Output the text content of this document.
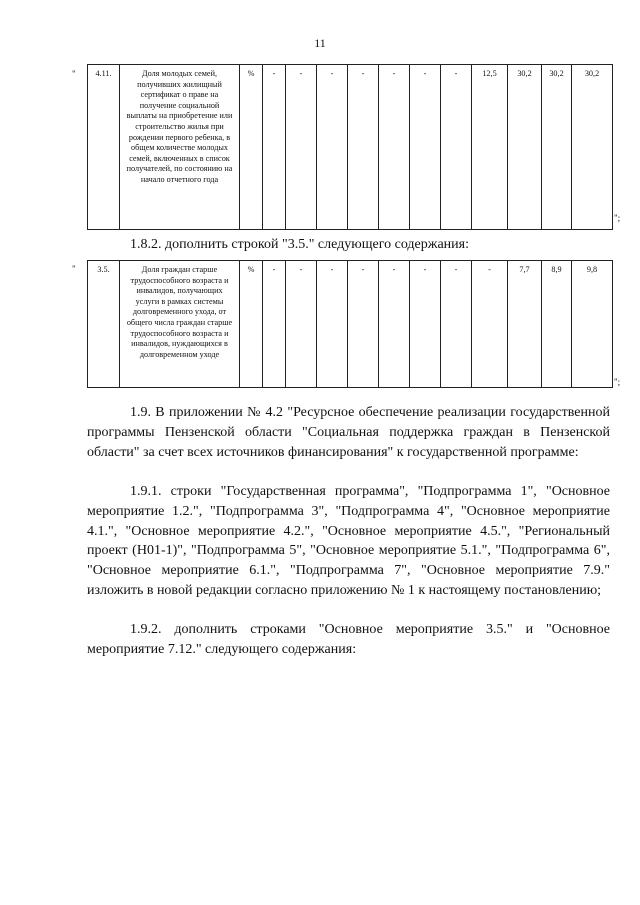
11
" 4.11.	Доля молодых семей, получивших жилищный сертификат о праве на получение социальной выплаты на приобретение или строительство жилья при рождении первого ребенка, в общем количестве молодых семей, включенных в список получателей, по состоянию на начало отчетного года	%	-	-	-	-	-	-	-	12,5	30,2	30,2	30,2
";

1.8.2. дополнить строкой "3.5." следующего содержания:

"	3.5.	Доля граждан старше трудоспособного возраста и инвалидов, получающих услуги в рамках системы долговременного ухода, от общего числа граждан старше трудоспособного возраста и инвалидов, нуждающихся в долговременном уходе	%	-	-	-	-	-	-	-	-	7,7	8,9	9,8
";

1.9. В приложении № 4.2 "Ресурсное обеспечение реализации государственной программы Пензенской области "Социальная поддержка граждан в Пензенской области" за счет всех источников финансирования" к государственной программе:

1.9.1. строки "Государственная программа", "Подпрограмма 1", "Основное мероприятие 1.2.", "Подпрограмма 3", "Подпрограмма 4", "Основное мероприятие 4.1.", "Основное мероприятие 4.2.", "Основное мероприятие 4.5.", "Региональный проект (Н01-1)", "Подпрограмма 5", "Основное мероприятие 5.1.", "Подпрограмма 6", "Основное мероприятие 6.1.", "Подпрограмма 7", "Основное мероприятие 7.9." изложить в новой редакции согласно приложению № 1 к настоящему постановлению;

1.9.2. дополнить строками "Основное мероприятие 3.5." и "Основное мероприятие 7.12." следующего содержания:
